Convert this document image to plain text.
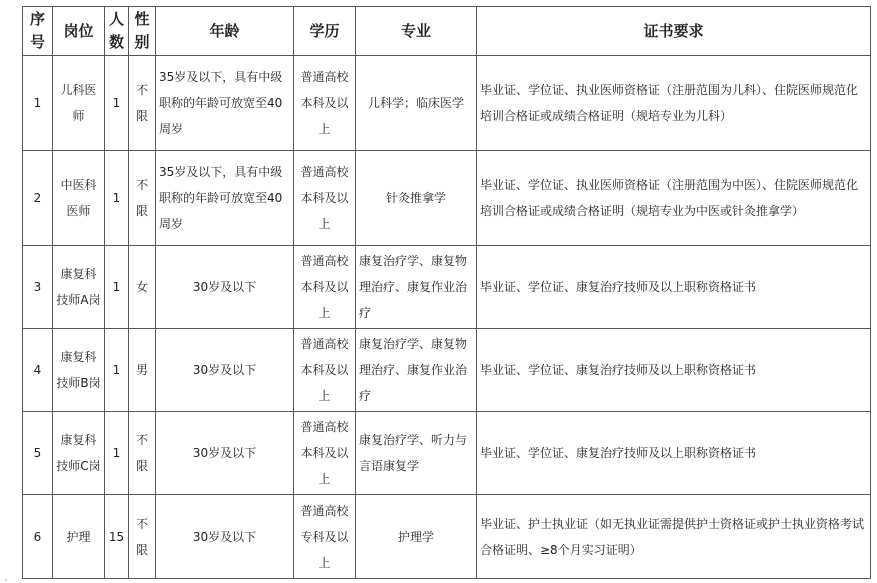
序号	岗位	人数	性别	年龄	学历	专业	证书要求
1	儿科医师	1	不限	35岁及以下，具有中级职称的年龄可放宽至40周岁	普通高校本科及以上	儿科学；临床医学	毕业证、学位证、执业医师资格证（注册范围为儿科）、住院医师规范化培训合格证或成绩合格证明（规培专业为儿科）
2	中医科医师	1	不限	35岁及以下，具有中级职称的年龄可放宽至40周岁	普通高校本科及以上	针灸推拿学	毕业证、学位证、执业医师资格证（注册范围为中医）、住院医师规范化培训合格证或成绩合格证明（规培专业为中医或针灸推拿学）
3	康复科技师A岗	1	女	30岁及以下	普通高校本科及以上	康复治疗学、康复物理治疗、康复作业治疗	毕业证、学位证、康复治疗技师及以上职称资格证书
4	康复科技师B岗	1	男	30岁及以下	普通高校本科及以上	康复治疗学、康复物理治疗、康复作业治疗	毕业证、学位证、康复治疗技师及以上职称资格证书
5	康复科技师C岗	1	不限	30岁及以下	普通高校本科及以上	康复治疗学、听力与言语康复学	毕业证、学位证、康复治疗技师及以上职称资格证书
6	护理	15	不限	30岁及以下	普通高校专科及以上	护理学	毕业证、护士执业证（如无执业证需提供护士资格证或护士执业资格考试合格证明、≥8个月实习证明）
、
